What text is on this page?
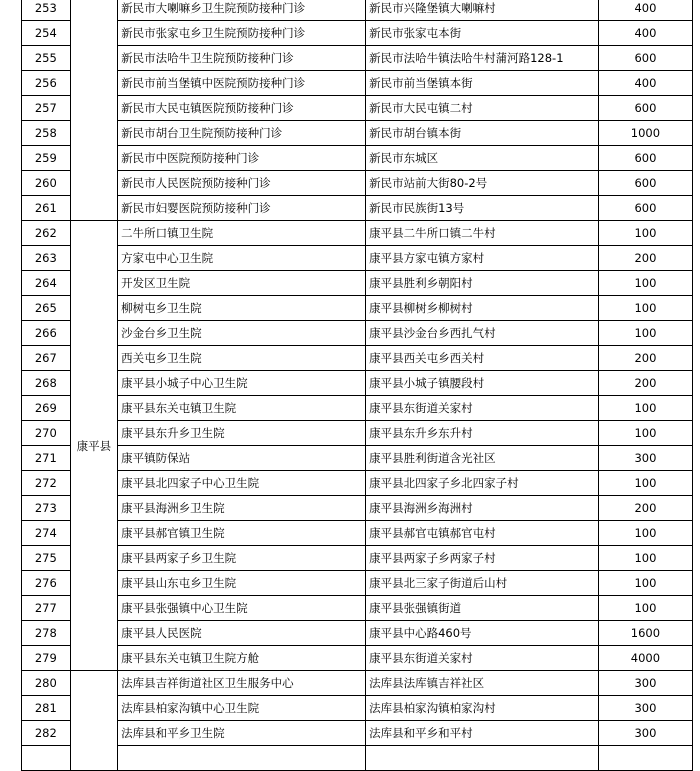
253		新民市大喇嘛乡卫生院预防接种门诊	新民市兴隆堡镇大喇嘛村	400
254		新民市张家屯乡卫生院预防接种门诊	新民市张家屯本街	400
255		新民市法哈牛卫生院预防接种门诊	新民市法哈牛镇法哈牛村蒲河路128-1	600
256		新民市前当堡镇中医院预防接种门诊	新民市前当堡镇本街	400
257		新民市大民屯镇医院预防接种门诊	新民市大民屯镇二村	600
258		新民市胡台卫生院预防接种门诊	新民市胡台镇本街	1000
259		新民市中医院预防接种门诊	新民市东城区	600
260		新民市人民医院预防接种门诊	新民市站前大街80-2号	600
261		新民市妇婴医院预防接种门诊	新民市民族街13号	600
262	康平县	二牛所口镇卫生院	康平县二牛所口镇二牛村	100
263		方家屯中心卫生院	康平县方家屯镇方家村	200
264		开发区卫生院	康平县胜利乡朝阳村	100
265		柳树屯乡卫生院	康平县柳树乡柳树村	100
266		沙金台乡卫生院	康平县沙金台乡西扎气村	100
267		西关屯乡卫生院	康平县西关屯乡西关村	200
268		康平县小城子中心卫生院	康平县小城子镇腰段村	200
269		康平县东关屯镇卫生院	康平县东街道关家村	100
270		康平县东升乡卫生院	康平县东升乡东升村	100
271		康平镇防保站	康平县胜利街道含光社区	300
272		康平县北四家子中心卫生院	康平县北四家子乡北四家子村	100
273		康平县海洲乡卫生院	康平县海洲乡海洲村	200
274		康平县郝官镇卫生院	康平县郝官屯镇郝官屯村	100
275		康平县两家子乡卫生院	康平县两家子乡两家子村	100
276		康平县山东屯乡卫生院	康平县北三家子街道后山村	100
277		康平县张强镇中心卫生院	康平县张强镇街道	100
278		康平县人民医院	康平县中心路460号	1600
279		康平县东关屯镇卫生院方舱	康平县东街道关家村	4000
280		法库县吉祥街道社区卫生服务中心	法库县法库镇吉祥社区	300
281		法库县柏家沟镇中心卫生院	法库县柏家沟镇柏家沟村	300
282		法库县和平乡卫生院	法库县和平乡和平村	300
